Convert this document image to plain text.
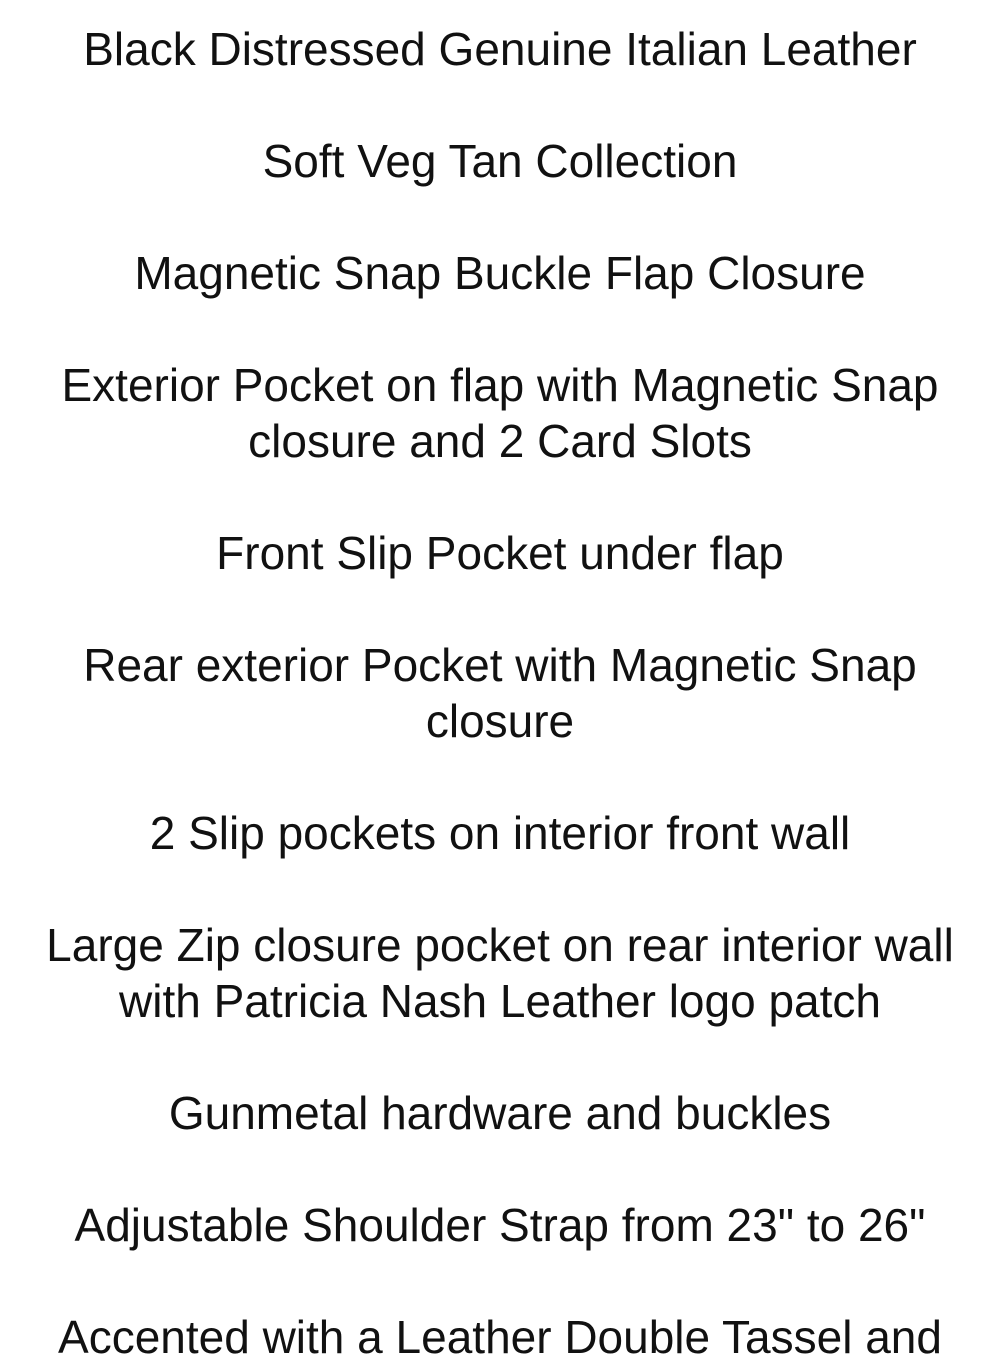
Black Distressed Genuine Italian Leather

Soft Veg Tan Collection

Magnetic Snap Buckle Flap Closure

Exterior Pocket on flap with Magnetic Snap closure and 2 Card Slots

Front Slip Pocket under flap

Rear exterior Pocket with Magnetic Snap closure

2 Slip pockets on interior front wall

Large Zip closure pocket on rear interior wall with Patricia Nash Leather logo patch

Gunmetal hardware and buckles

Adjustable Shoulder Strap from 23" to 26"

Accented with a Leather Double Tassel and
